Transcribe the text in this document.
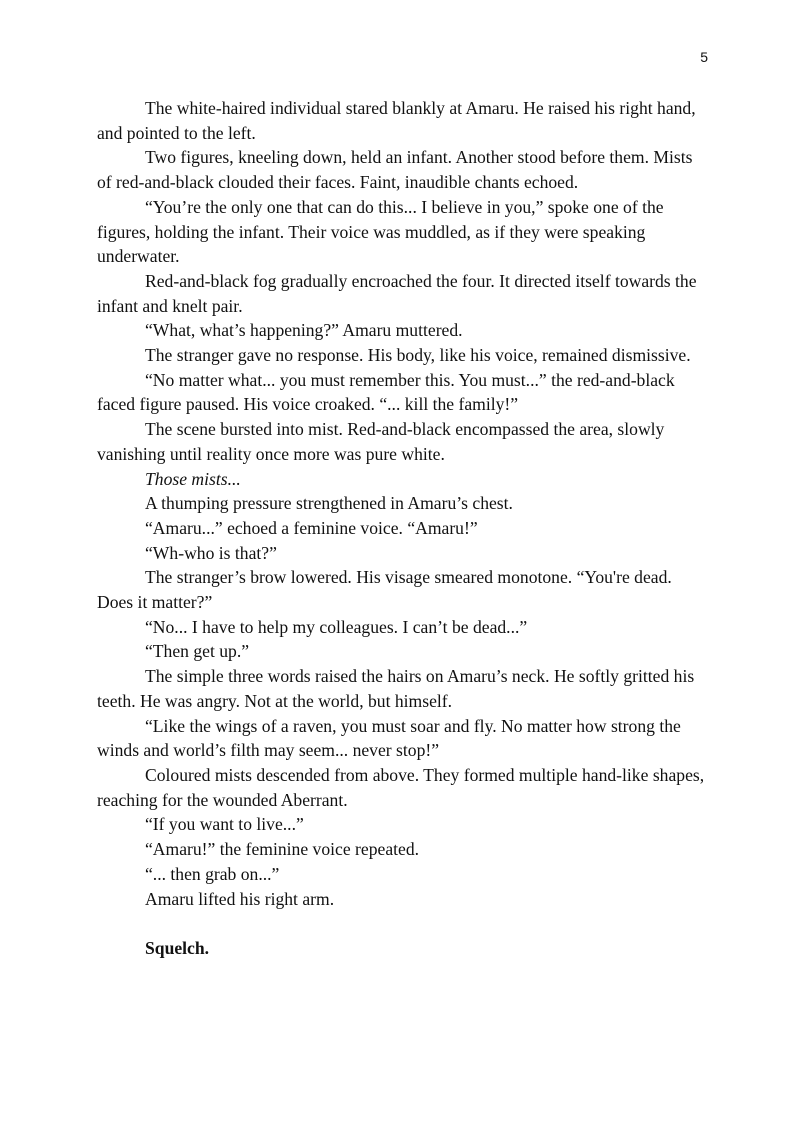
5

The white-haired individual stared blankly at Amaru. He raised his right hand, and pointed to the left.

Two figures, kneeling down, held an infant. Another stood before them. Mists of red-and-black clouded their faces. Faint, inaudible chants echoed.

“You’re the only one that can do this... I believe in you,” spoke one of the figures, holding the infant. Their voice was muddled, as if they were speaking underwater.

Red-and-black fog gradually encroached the four. It directed itself towards the infant and knelt pair.

“What, what’s happening?” Amaru muttered.

The stranger gave no response. His body, like his voice, remained dismissive.

“No matter what... you must remember this. You must...” the red-and-black faced figure paused. His voice croaked. “... kill the family!”

The scene bursted into mist. Red-and-black encompassed the area, slowly vanishing until reality once more was pure white.

Those mists...

A thumping pressure strengthened in Amaru’s chest.

“Amaru...” echoed a feminine voice. “Amaru!”

“Wh-who is that?”

The stranger’s brow lowered. His visage smeared monotone. “You're dead. Does it matter?”

“No... I have to help my colleagues. I can’t be dead...”

“Then get up.”

The simple three words raised the hairs on Amaru’s neck. He softly gritted his teeth. He was angry. Not at the world, but himself.

“Like the wings of a raven, you must soar and fly. No matter how strong the winds and world’s filth may seem... never stop!”

Coloured mists descended from above. They formed multiple hand-like shapes, reaching for the wounded Aberrant.

“If you want to live...”

“Amaru!” the feminine voice repeated.

“... then grab on...”

Amaru lifted his right arm.

Squelch.
